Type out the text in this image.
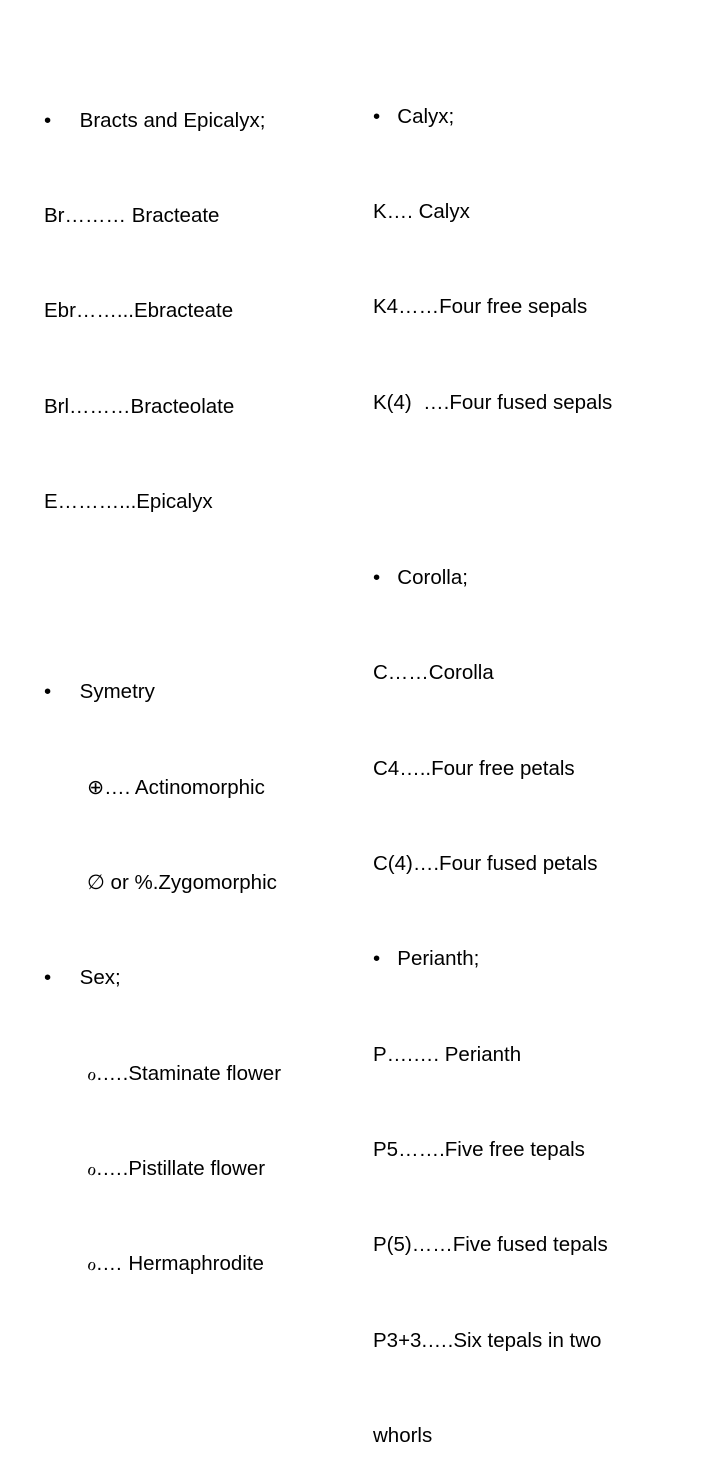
• Bracts and Epicalyx;

Br……… Bracteate

Ebr……...Ebracteate

Brl………Bracteolate

E………...Epicalyx

• Symetry

⊕…. Actinomorphic

∅ or %.Zygomorphic

• Sex;

ℴ.….Staminate flower

ℴ.….Pistillate flower

ℴ.… Hermaphrodite

• Calyx;

K…. Calyx

K4……Four free sepals

K(4)  ….Four fused sepals

• Corolla;

C……Corolla

C4…..Four free petals

C(4)….Four fused petals

• Perianth;

P….…. Perianth

P5…….Five free tepals

P(5)……Five fused tepals

P3+3.….Six tepals in two

whorls
